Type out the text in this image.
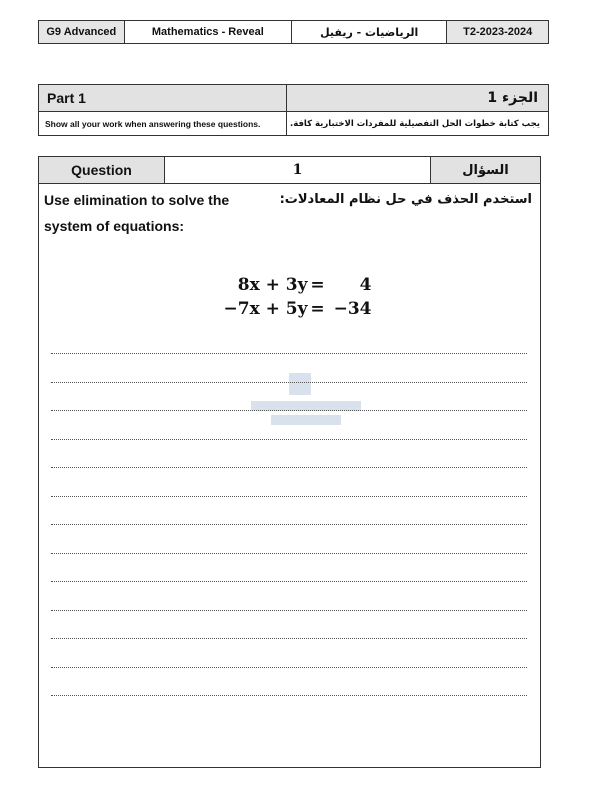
G9 Advanced	Mathematics - Reveal	الرياضيات - ريفيل	T2-2023-2024
Part 1	الجزء 1
Show all your work when answering these questions.	يجب كتابة خطوات الحل التفصيلية للمفردات الاختبارية كافة.
Question	1	السؤال
Use elimination to solve the
system of equations:
استخدم الحذف في حل نظام المعادلات:
8x + 3y =	4
−7x + 5y = −34
